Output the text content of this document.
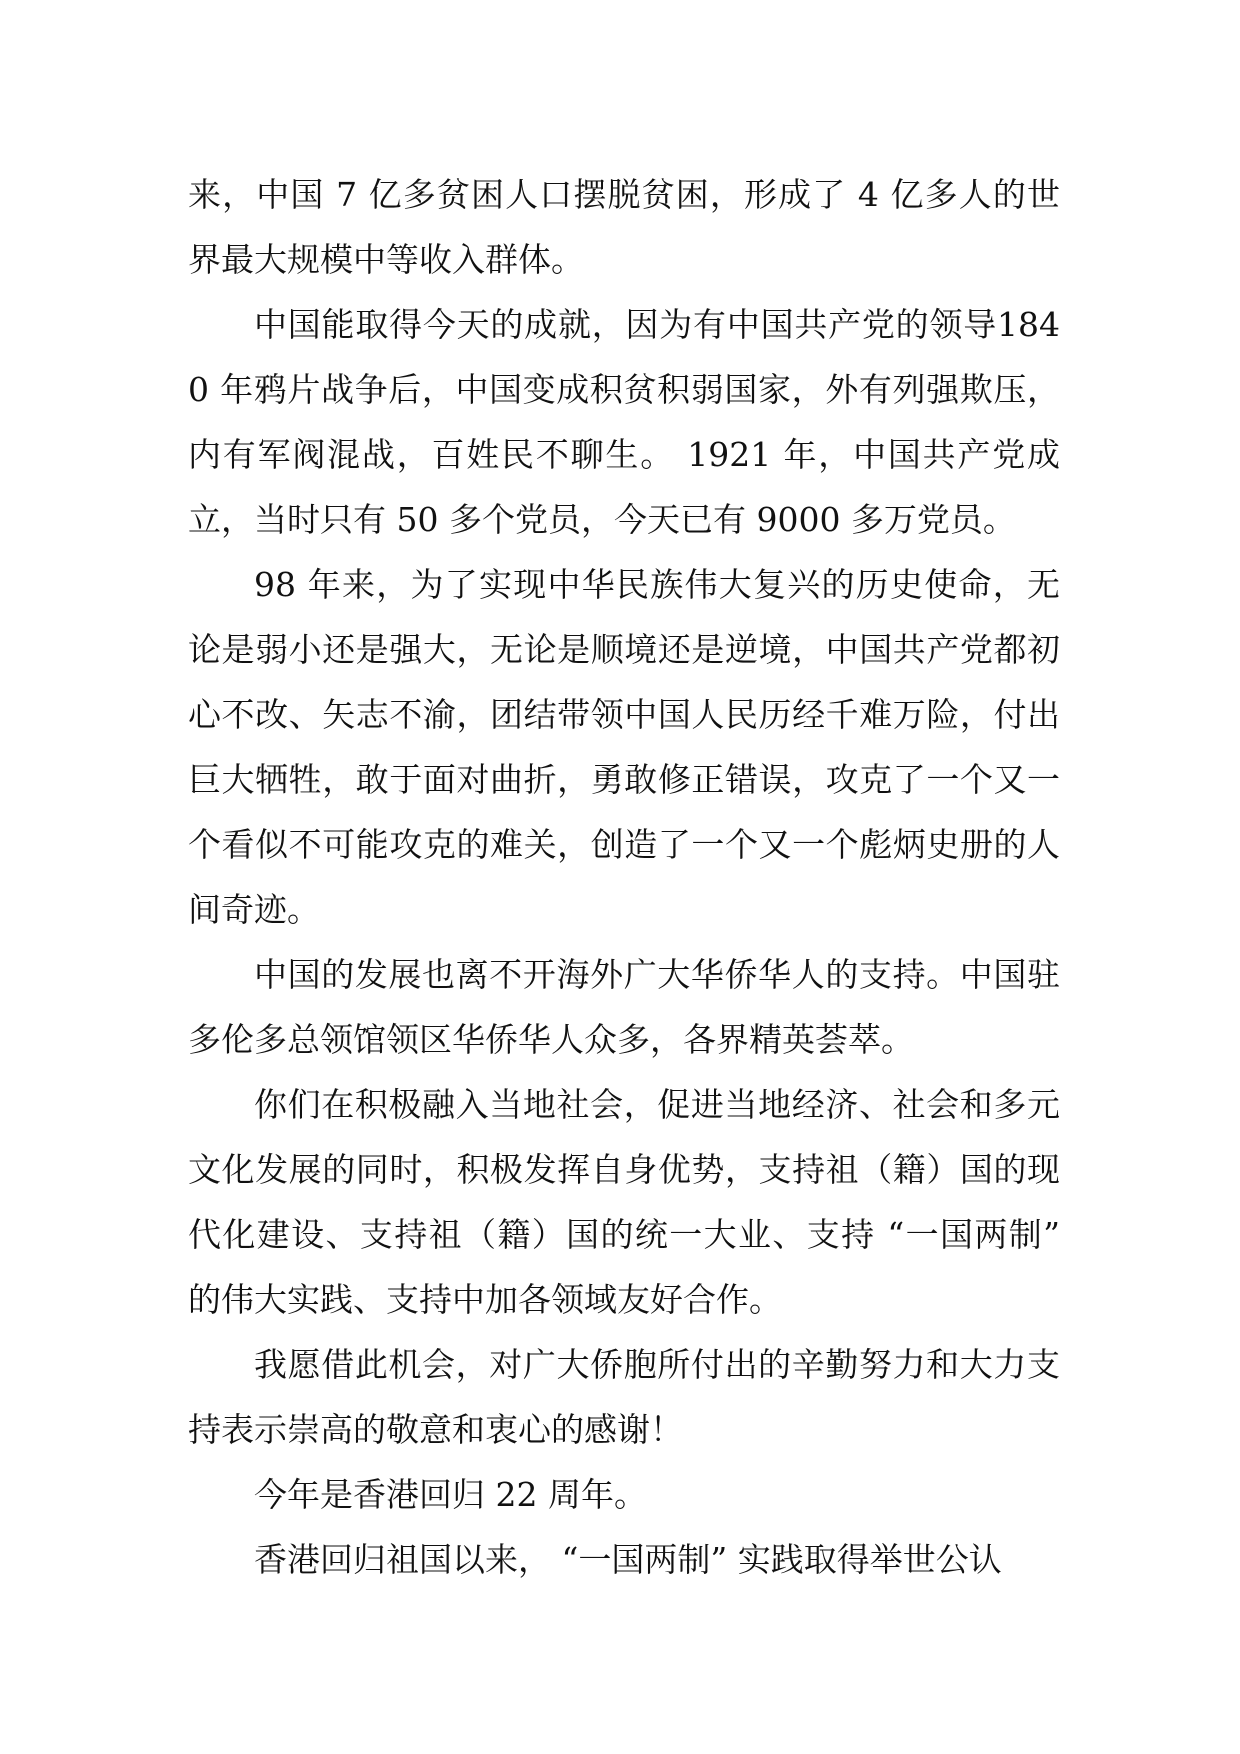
来，中国 7 亿多贫困人口摆脱贫困，形成了 4 亿多人的世界最大规模中等收入群体。

中国能取得今天的成就，因为有中国共产党的领导1840 年鸦片战争后，中国变成积贫积弱国家，外有列强欺压，内有军阀混战，百姓民不聊生。 1921 年，中国共产党成立，当时只有 50 多个党员，今天已有 9000 多万党员。

98 年来，为了实现中华民族伟大复兴的历史使命，无论是弱小还是强大，无论是顺境还是逆境，中国共产党都初心不改、矢志不渝，团结带领中国人民历经千难万险，付出巨大牺牲，敢于面对曲折，勇敢修正错误，攻克了一个又一个看似不可能攻克的难关，创造了一个又一个彪炳史册的人间奇迹。

中国的发展也离不开海外广大华侨华人的支持。中国驻多伦多总领馆领区华侨华人众多，各界精英荟萃。

你们在积极融入当地社会，促进当地经济、社会和多元文化发展的同时，积极发挥自身优势，支持祖（籍）国的现代化建设、支持祖（籍）国的统一大业、支持 “一国两制” 的伟大实践、支持中加各领域友好合作。

我愿借此机会，对广大侨胞所付出的辛勤努力和大力支持表示崇高的敬意和衷心的感谢！

今年是香港回归 22 周年。

香港回归祖国以来， “一国两制” 实践取得举世公认
